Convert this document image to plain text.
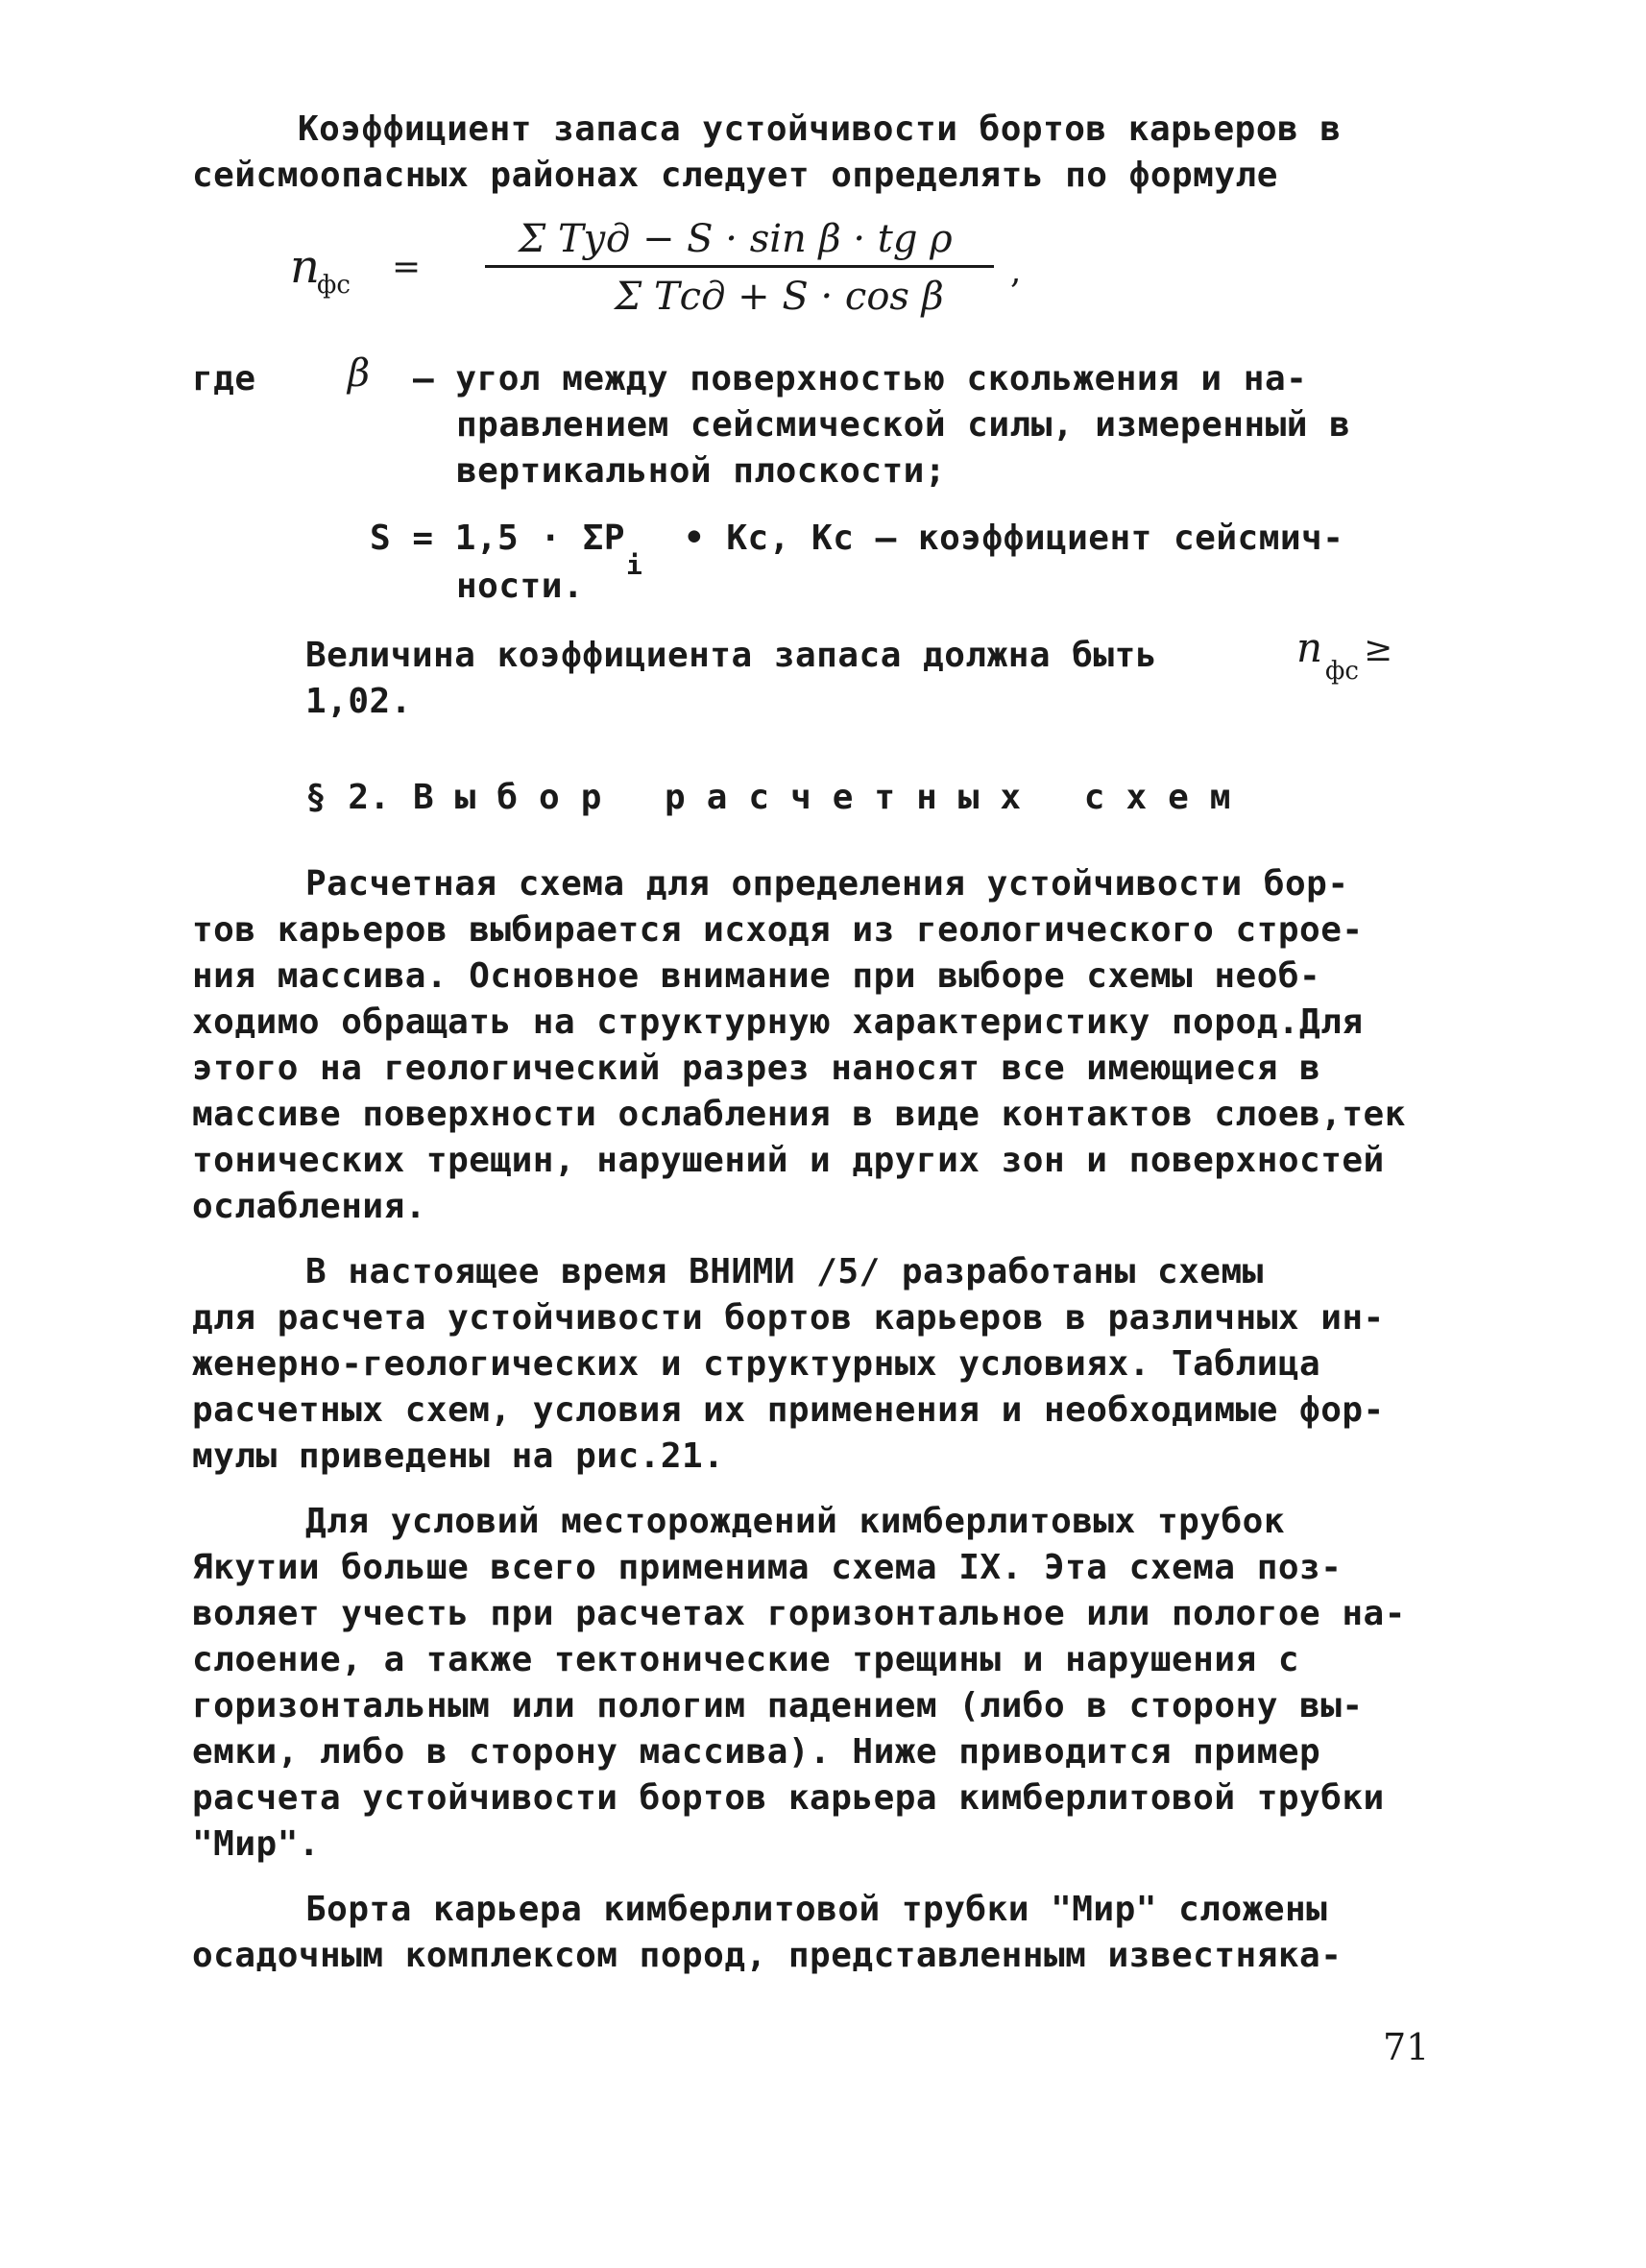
Коэффициент запаса устойчивости бортов карьеров в
сейсмоопасных районах следует определять по формуле
n
фс =
Σ Tуд − S · sin β · tg ρ
Σ Tсд + S · cos β
,
где β – угол между поверхностью скольжения и на-
правлением сейсмической силы, измеренный в
вертикальной плоскости;
S = 1,5 · ΣP
i
• Кс, Кс – коэффициент сейсмич-
ности.
Величина коэффициента запаса должна быть	n фс
≥
1,02.
§ 2. Выбор расчетных схем
Расчетная схема для определения устойчивости бор-
тов карьеров выбирается исходя из геологического строе-
ния массива. Основное внимание при выборе схемы необ-
ходимо обращать на структурную характеристику пород.Для
этого на геологический разрез наносят все имеющиеся в
массиве поверхности ослабления в виде контактов слоев,тек
тонических трещин, нарушений и других зон и поверхностей
ослабления.
В настоящее время ВНИМИ /5/ разработаны схемы
для расчета устойчивости бортов карьеров в различных ин-
женерно-геологических и структурных условиях. Таблица
расчетных схем, условия их применения и необходимые фор-
мулы приведены на рис.21.
Для условий месторождений кимберлитовых трубок
Якутии больше всего применима схема IX. Эта схема поз-
воляет учесть при расчетах горизонтальное или пологое на-
слоение, а также тектонические трещины и нарушения с
горизонтальным или пологим падением (либо в сторону вы-
емки, либо в сторону массива). Ниже приводится пример
расчета устойчивости бортов карьера кимберлитовой трубки
"Мир".
Борта карьера кимберлитовой трубки "Мир" сложены
осадочным комплексом пород, представленным известняка-
71
